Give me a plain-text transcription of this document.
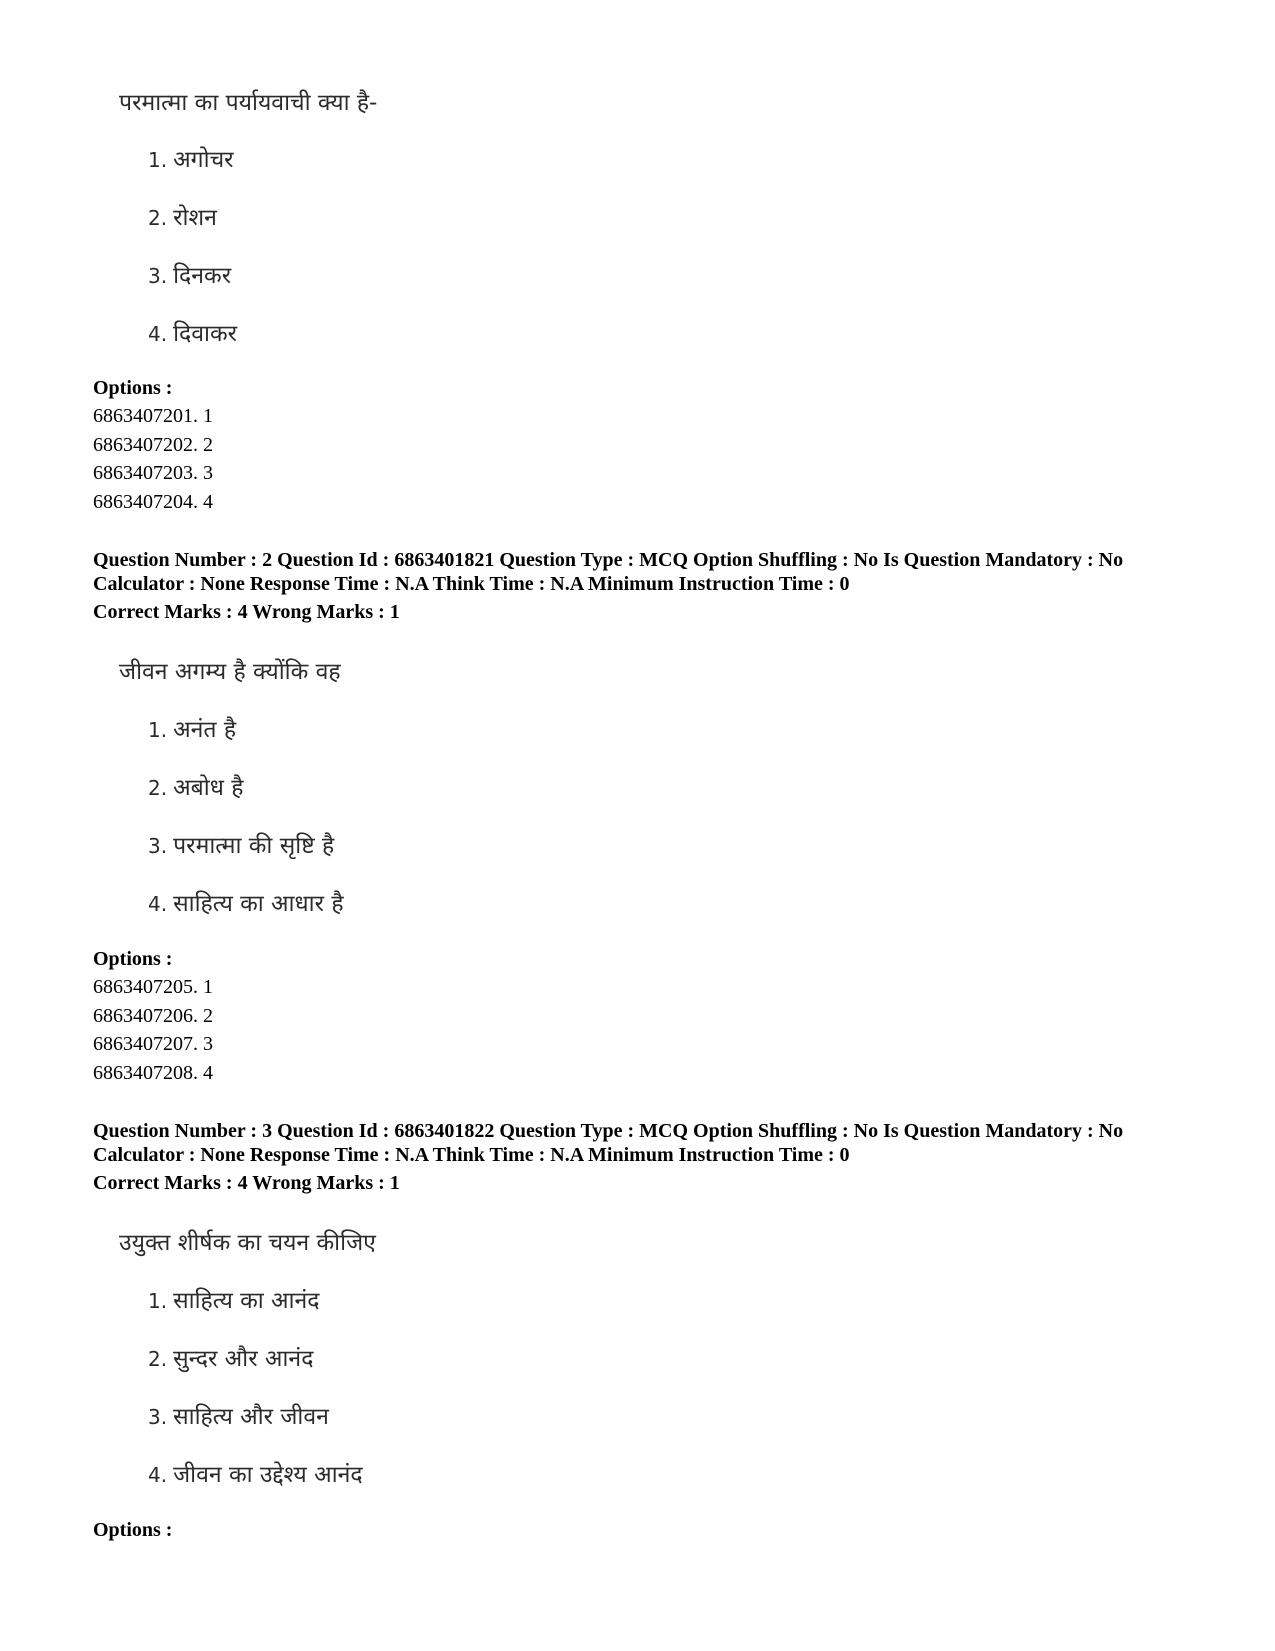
परमात्मा का पर्यायवाची क्या है-
1. अगोचर
2. रोशन
3. दिनकर
4. दिवाकर
Options :
6863407201. 1
6863407202. 2
6863407203. 3
6863407204. 4
Question Number : 2 Question Id : 6863401821 Question Type : MCQ Option Shuffling : No Is Question Mandatory : No
Calculator : None Response Time : N.A Think Time : N.A Minimum Instruction Time : 0
Correct Marks : 4 Wrong Marks : 1
जीवन अगम्य है क्योंकि वह
1. अनंत है
2. अबोध है
3. परमात्मा की सृष्टि है
4. साहित्य का आधार है
Options :
6863407205. 1
6863407206. 2
6863407207. 3
6863407208. 4
Question Number : 3 Question Id : 6863401822 Question Type : MCQ Option Shuffling : No Is Question Mandatory : No
Calculator : None Response Time : N.A Think Time : N.A Minimum Instruction Time : 0
Correct Marks : 4 Wrong Marks : 1
उयुक्त शीर्षक का चयन कीजिए
1. साहित्य का आनंद
2. सुन्दर और आनंद
3. साहित्य और जीवन
4. जीवन का उद्देश्य आनंद
Options :
